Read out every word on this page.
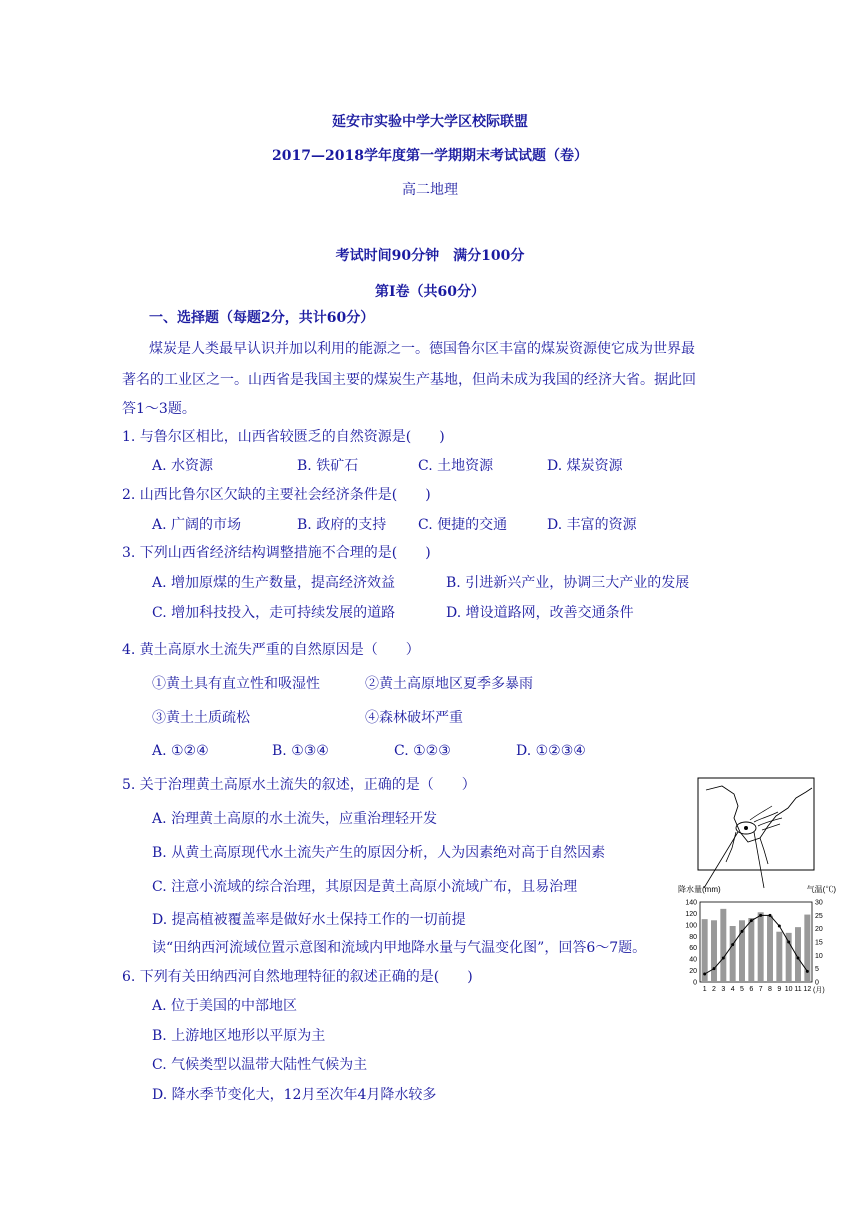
延安市实验中学大学区校际联盟
2017—2018学年度第一学期期末考试试题（卷）
高二地理
考试时间90分钟　满分100分
第Ⅰ卷（共60分）
一、选择题（每题2分，共计60分）
煤炭是人类最早认识并加以利用的能源之一。德国鲁尔区丰富的煤炭资源使它成为世界最
著名的工业区之一。山西省是我国主要的煤炭生产基地，但尚未成为我国的经济大省。据此回
答1～3题。
1. 与鲁尔区相比，山西省较匮乏的自然资源是(　　)
A. 水资源	B. 铁矿石	C. 土地资源	D. 煤炭资源
2. 山西比鲁尔区欠缺的主要社会经济条件是(　　)
A. 广阔的市场	B. 政府的支持 C. 便捷的交通	D. 丰富的资源
3. 下列山西省经济结构调整措施不合理的是(　　)
A. 增加原煤的生产数量，提高经济效益	B. 引进新兴产业，协调三大产业的发展
C. 增加科技投入，走可持续发展的道路	D. 增设道路网，改善交通条件
4. 黄土高原水土流失严重的自然原因是（　　）
①黄土具有直立性和吸湿性	②黄土高原地区夏季多暴雨
③黄土土质疏松	④森林破坏严重
A. ①②④	B. ①③④	C. ①②③	D. ①②③④
5. 关于治理黄土高原水土流失的叙述，正确的是（　　）
A. 治理黄土高原的水土流失，应重治理轻开发
B. 从黄土高原现代水土流失产生的原因分析，人为因素绝对高于自然因素
C. 注意小流域的综合治理，其原因是黄土高原小流域广布，且易治理
D. 提高植被覆盖率是做好水土保持工作的一切前提
读“田纳西河流域位置示意图和流域内甲地降水量与气温变化图”，回答6～7题。
6. 下列有关田纳西河自然地理特征的叙述正确的是(　　)
A. 位于美国的中部地区
B. 上游地区地形以平原为主
C. 气候类型以温带大陆性气候为主
D. 降水季节变化大，12月至次年4月降水较多
降水量(mm)	气温(℃)
0
20
40
60
80
100
120
140
0
5
10
15
20
25
30
1 2 3 4 5 6 7 8 9 10 11 12 (月)
